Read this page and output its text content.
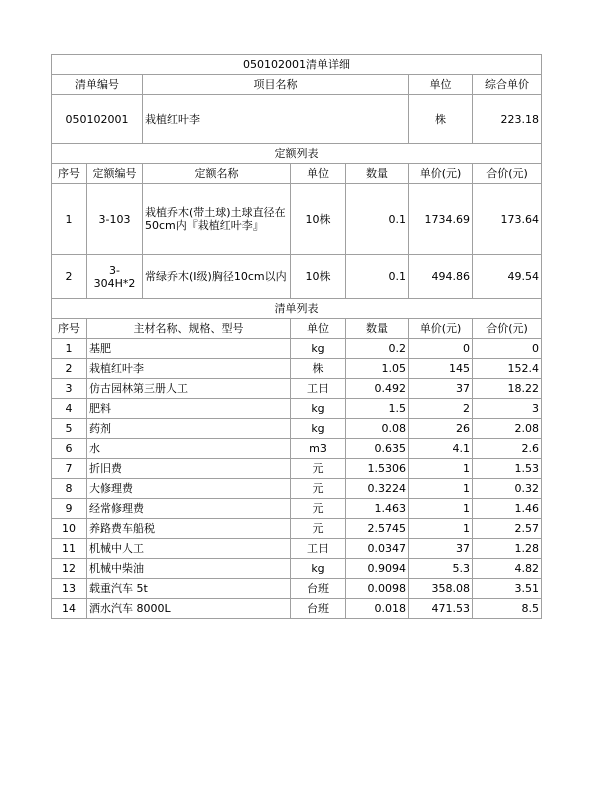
050102001清单详细						
清单编号		项目名称			单位	综合单价
050102001		栽植红叶李			株	223.18
定额列表						
序号	定额编号	定额名称	单位	数量	单价(元)	合价(元)
1	3-103	栽植乔木(带土球)土球直径在50cm内『栽植红叶李』	10株	0.1	1734.69	173.64
2	3-304H*2	常绿乔木(I级)胸径10cm以内	10株	0.1	494.86	49.54
清单列表						
序号	主材名称、规格、型号		单位	数量	单价(元)	合价(元)
1	基肥		kg	0.2	0	0
2	栽植红叶李		株	1.05	145	152.4
3	仿古园林第三册人工		工日	0.492	37	18.22
4	肥料		kg	1.5	2	3
5	药剂		kg	0.08	26	2.08
6	水		m3	0.635	4.1	2.6
7	折旧费		元	1.5306	1	1.53
8	大修理费		元	0.3224	1	0.32
9	经常修理费		元	1.463	1	1.46
10	养路费车船税		元	2.5745	1	2.57
11	机械中人工		工日	0.0347	37	1.28
12	机械中柴油		kg	0.9094	5.3	4.82
13	载重汽车 5t		台班	0.0098	358.08	3.51
14	洒水汽车 8000L		台班	0.018	471.53	8.5
